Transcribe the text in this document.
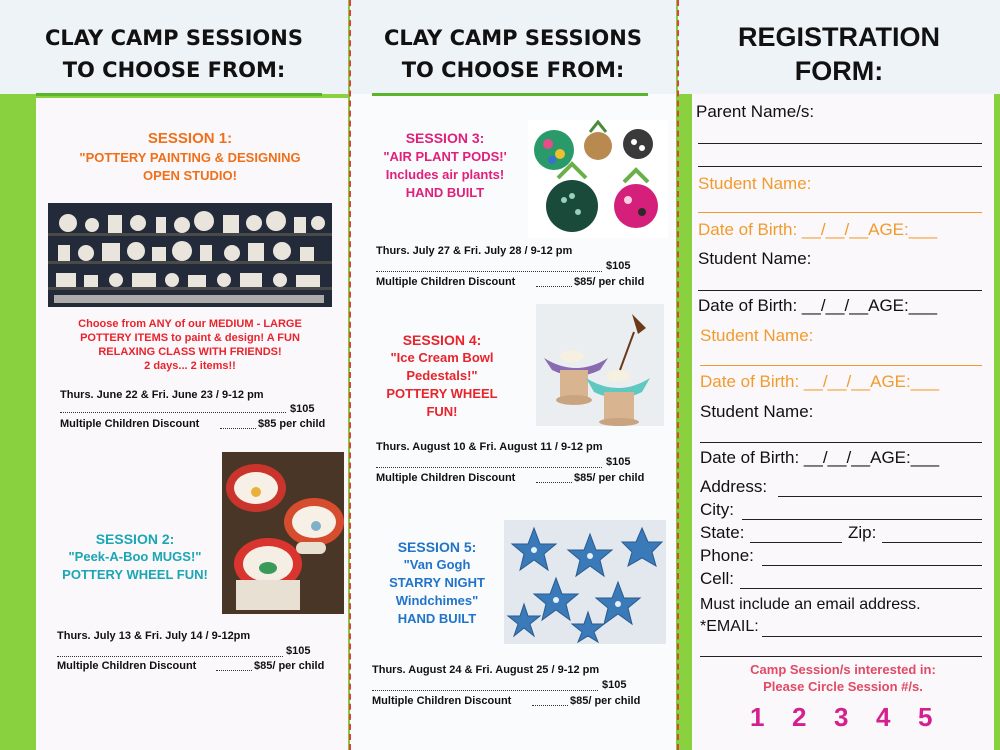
CLAY CAMP SESSIONS
TO CHOOSE FROM:
SESSION 1:
"POTTERY PAINTING & DESIGNING
OPEN STUDIO!
Choose from ANY of our MEDIUM - LARGE
POTTERY ITEMS to paint & design! A FUN
RELAXING CLASS WITH FRIENDS!
2 days... 2 items!!
Thurs. June 22 & Fri. June 23 / 9-12 pm
$105
Multiple Children Discount	$85 per child
SESSION 2:
"Peek-A-Boo MUGS!"
POTTERY WHEEL FUN!
Thurs. July 13 & Fri. July 14 / 9-12pm
$105
Multiple Children Discount	$85/ per child
CLAY CAMP SESSIONS
TO CHOOSE FROM:
SESSION 3:
"AIR PLANT PODS!'
Includes air plants!
HAND BUILT
Thurs. July 27 & Fri. July 28 / 9-12 pm
$105
Multiple Children Discount	$85/ per child
SESSION 4:
"Ice Cream Bowl
Pedestals!"
POTTERY WHEEL
FUN!
Thurs. August 10 & Fri. August 11 / 9-12 pm
$105
Multiple Children Discount	$85/ per child
SESSION 5:
"Van Gogh
STARRY NIGHT
Windchimes"
HAND BUILT
Thurs. August 24 & Fri. August 25 / 9-12 pm
$105
Multiple Children Discount	$85/ per child
REGISTRATION
FORM:
Parent Name/s:
Student Name:
Date of Birth: __/__/__AGE:___
Student Name:
Date of Birth: __/__/__AGE:___
Student Name:
Date of Birth: __/__/__AGE:___
Student Name:
Date of Birth: __/__/__AGE:___
Address:
City:
State:	Zip:
Phone:
Cell:
Must include an email address.
*EMAIL:
Camp Session/s interested in:
Please Circle Session #/s.
1 2 3 4 5
